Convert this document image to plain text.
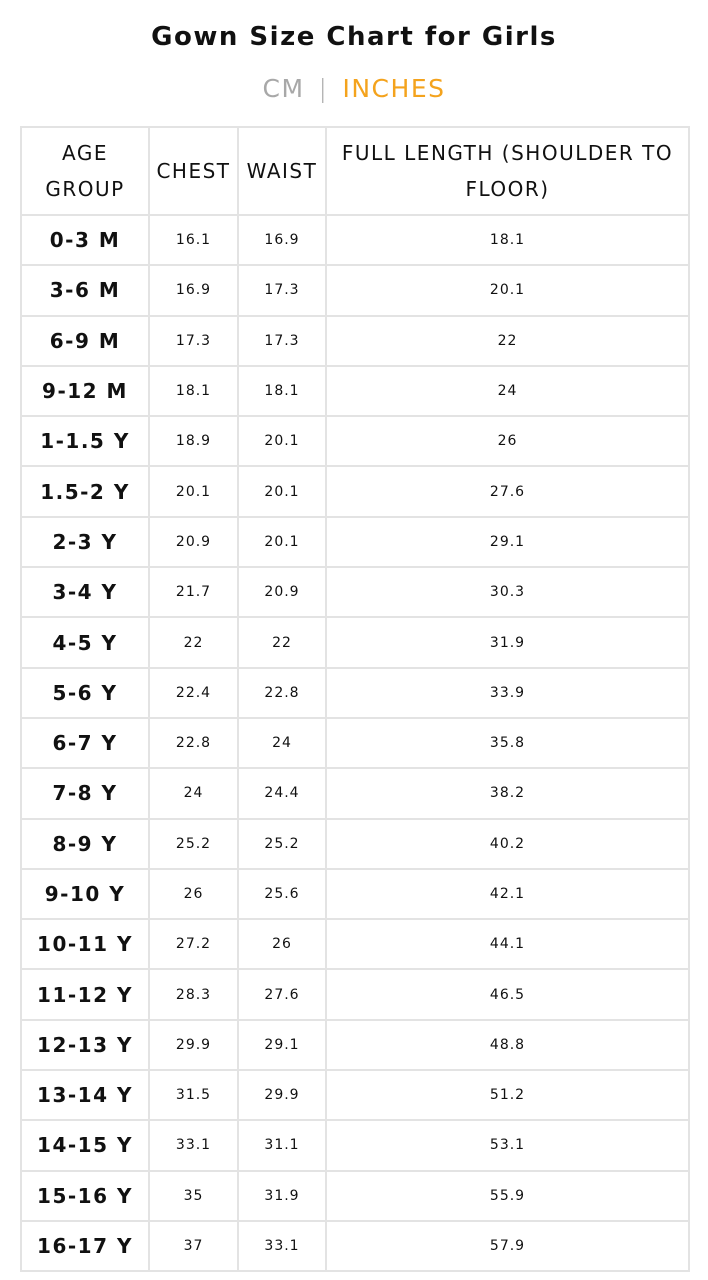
Gown Size Chart for Girls
CM | INCHES
AGE GROUP	CHEST	WAIST	FULL LENGTH (SHOULDER TO FLOOR)
0-3 M	16.1	16.9	18.1
3-6 M	16.9	17.3	20.1
6-9 M	17.3	17.3	22
9-12 M	18.1	18.1	24
1-1.5 Y	18.9	20.1	26
1.5-2 Y	20.1	20.1	27.6
2-3 Y	20.9	20.1	29.1
3-4 Y	21.7	20.9	30.3
4-5 Y	22	22	31.9
5-6 Y	22.4	22.8	33.9
6-7 Y	22.8	24	35.8
7-8 Y	24	24.4	38.2
8-9 Y	25.2	25.2	40.2
9-10 Y	26	25.6	42.1
10-11 Y	27.2	26	44.1
11-12 Y	28.3	27.6	46.5
12-13 Y	29.9	29.1	48.8
13-14 Y	31.5	29.9	51.2
14-15 Y	33.1	31.1	53.1
15-16 Y	35	31.9	55.9
16-17 Y	37	33.1	57.9
